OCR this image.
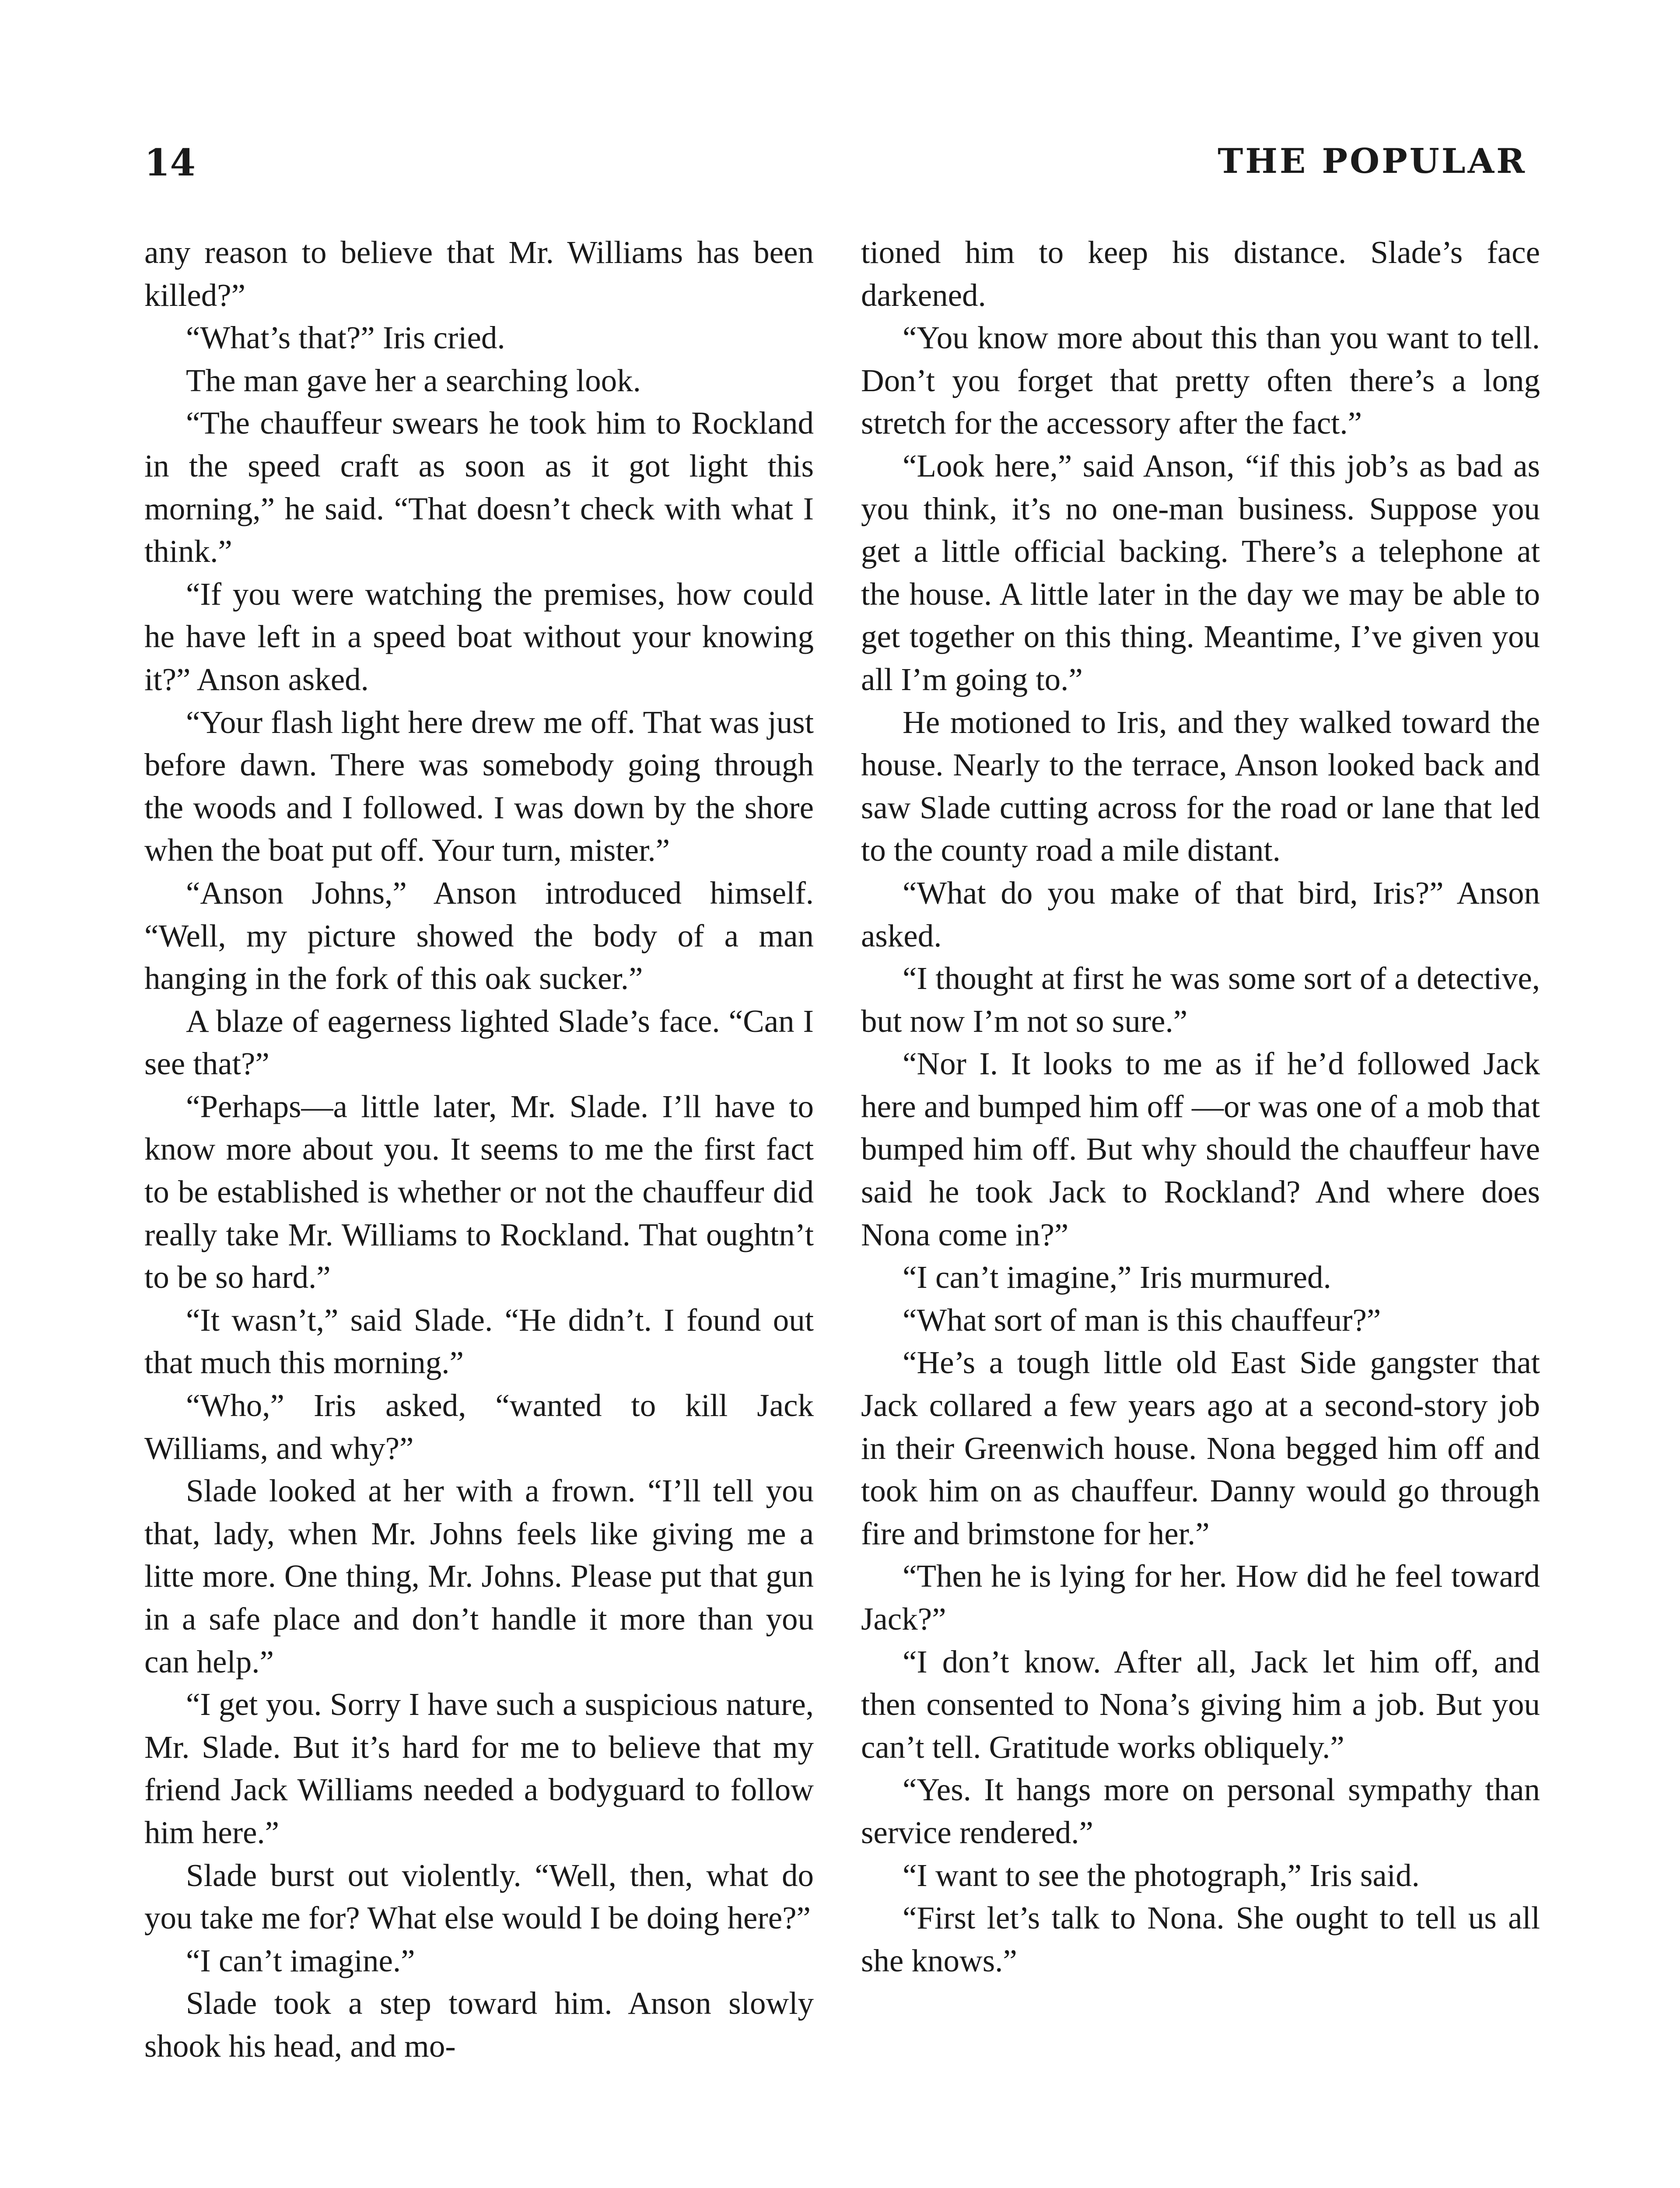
14	THE POPULAR

any reason to believe that Mr. Williams has been killed?”

“What’s that?” Iris cried.

The man gave her a searching look.

“The chauffeur swears he took him to Rockland in the speed craft as soon as it got light this morning,” he said. “That doesn’t check with what I think.”

“If you were watching the premises, how could he have left in a speed boat without your knowing it?” Anson asked.

“Your flash light here drew me off. That was just before dawn. There was somebody going through the woods and I followed. I was down by the shore when the boat put off. Your turn, mister.”

“Anson Johns,” Anson introduced himself. “Well, my picture showed the body of a man hanging in the fork of this oak sucker.”

A blaze of eagerness lighted Slade’s face. “Can I see that?”

“Perhaps—a little later, Mr. Slade. I’ll have to know more about you. It seems to me the first fact to be established is whether or not the chauffeur did really take Mr. Williams to Rockland. That oughtn’t to be so hard.”

“It wasn’t,” said Slade. “He didn’t. I found out that much this morning.”

“Who,” Iris asked, “wanted to kill Jack Williams, and why?”

Slade looked at her with a frown. “I’ll tell you that, lady, when Mr. Johns feels like giving me a litte more. One thing, Mr. Johns. Please put that gun in a safe place and don’t handle it more than you can help.”

“I get you. Sorry I have such a suspicious nature, Mr. Slade. But it’s hard for me to believe that my friend Jack Williams needed a bodyguard to follow him here.”

Slade burst out violently. “Well, then, what do you take me for? What else would I be doing here?”

“I can’t imagine.”

Slade took a step toward him. Anson slowly shook his head, and mo-

tioned him to keep his distance. Slade’s face darkened.

“You know more about this than you want to tell. Don’t you forget that pretty often there’s a long stretch for the accessory after the fact.”

“Look here,” said Anson, “if this job’s as bad as you think, it’s no one-man business. Suppose you get a little official backing. There’s a telephone at the house. A little later in the day we may be able to get together on this thing. Meantime, I’ve given you all I’m going to.”

He motioned to Iris, and they walked toward the house. Nearly to the terrace, Anson looked back and saw Slade cutting across for the road or lane that led to the county road a mile distant.

“What do you make of that bird, Iris?” Anson asked.

“I thought at first he was some sort of a detective, but now I’m not so sure.”

“Nor I. It looks to me as if he’d followed Jack here and bumped him off —or was one of a mob that bumped him off. But why should the chauffeur have said he took Jack to Rockland? And where does Nona come in?”

“I can’t imagine,” Iris murmured.

“What sort of man is this chauffeur?”

“He’s a tough little old East Side gangster that Jack collared a few years ago at a second-story job in their Greenwich house. Nona begged him off and took him on as chauffeur. Danny would go through fire and brimstone for her.”

“Then he is lying for her. How did he feel toward Jack?”

“I don’t know. After all, Jack let him off, and then consented to Nona’s giving him a job. But you can’t tell. Gratitude works obliquely.”

“Yes. It hangs more on personal sympathy than service rendered.”

“I want to see the photograph,” Iris said.

“First let’s talk to Nona. She ought to tell us all she knows.”
